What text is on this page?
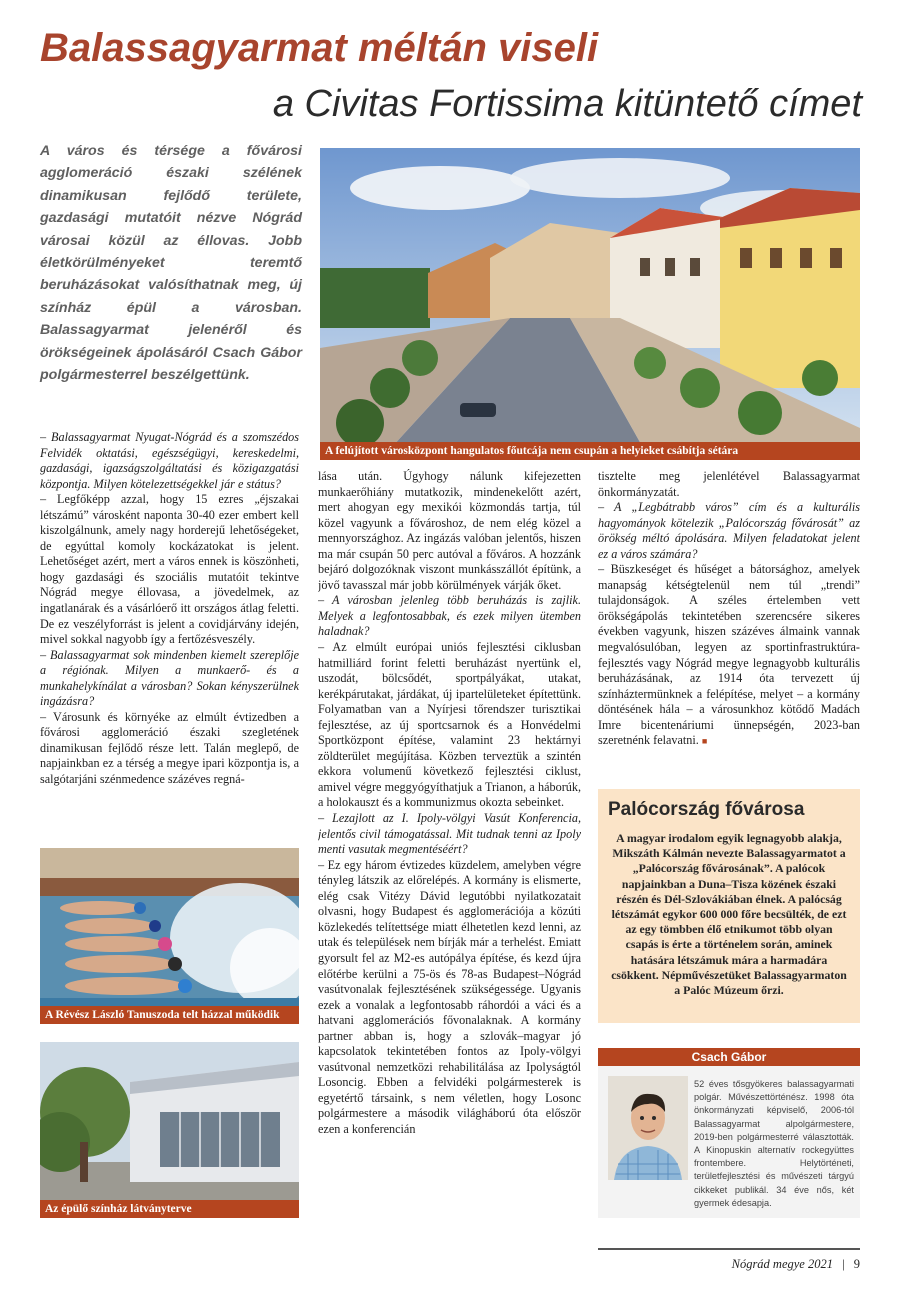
Balassagyarmat méltán viseli
a Civitas Fortissima kitüntető címet
A város és térsége a fővárosi agglomeráció északi szélének dinamikusan fejlődő területe, gazdasági mutatóit nézve Nógrád városai közül az éllovas. Jobb életkörülményeket teremtő beruházásokat valósíthatnak meg, új színház épül a városban. Balassagyarmat jelenéről és örökségeinek ápolásáról Csach Gábor polgármesterrel beszélgettünk.
A felújított városközpont hangulatos főutcája nem csupán a helyieket csábítja sétára

– Balassagyarmat Nyugat-Nógrád és a szomszédos Felvidék oktatási, egészségügyi, kereskedelmi, gazdasági, igazságszolgáltatási és közigazgatási központja. Milyen kötelezettségekkel jár e státus?

– Legfőképp azzal, hogy 15 ezres „éjszakai létszámú” városként naponta 30-40 ezer embert kell kiszolgálnunk, amely nagy horderejű lehetőségeket, de egyúttal komoly kockázatokat is jelent. Lehetőséget azért, mert a város ennek is köszönheti, hogy gazdasági és szociális mutatóit tekintve Nógrád megye éllovasa, a jövedelmek, az ingatlanárak és a vásárlóerő itt országos átlag feletti. De ez veszélyforrást is jelent a covidjárvány idején, mivel sokkal nagyobb így a fertőzésveszély.

– Balassagyarmat sok mindenben kiemelt szereplője a régiónak. Milyen a munkaerő- és a munkahelykínálat a városban? Sokan kényszerülnek ingázásra?

– Városunk és környéke az elmúlt évtizedben a fővárosi agglomeráció északi szegletének dinamikusan fejlődő része lett. Talán meglepő, de napjainkban ez a térség a megye ipari központja is, a salgótarjáni szénmedence százéves regná-

A Révész László Tanuszoda telt házzal működik
Az épülő színház látványterve

lása után. Úgyhogy nálunk kifejezetten munkaerőhiány mutatkozik, mindenekelőtt azért, mert ahogyan egy mexikói közmondás tartja, túl közel vagyunk a fővároshoz, de nem elég közel a mennyországhoz. Az ingázás valóban jelentős, hiszen ma már csupán 50 perc autóval a főváros. A hozzánk bejáró dolgozóknak viszont munkásszállót építünk, a jövő tavasszal már jobb körülmények várják őket.

– A városban jelenleg több beruházás is zajlik. Melyek a legfontosabbak, és ezek milyen ütemben haladnak?

– Az elmúlt európai uniós fejlesztési ciklusban hatmilliárd forint feletti beruházást nyertünk el, uszodát, bölcsődét, sportpályákat, utakat, kerékpárutakat, járdákat, új ipartelületeket építettünk. Folyamatban van a Nyírjesi tőrendszer turisztikai fejlesztése, az új sportcsarnok és a Honvédelmi Sportközpont építése, valamint 23 hektárnyi zöldterület megújítása. Közben terveztük a szintén ekkora volumenű következő fejlesztési ciklust, amivel végre meggyógyíthatjuk a Trianon, a háborúk, a holokauszt és a kommunizmus okozta sebeinket.

– Lezajlott az I. Ipoly-völgyi Vasút Konferencia, jelentős civil támogatással. Mit tudnak tenni az Ipoly menti vasutak megmentéséért?

– Ez egy három évtizedes küzdelem, amelyben végre tényleg látszik az előrelépés. A kormány is elismerte, elég csak Vitézy Dávid legutóbbi nyilatkozatait olvasni, hogy Budapest és agglomerációja a közúti közlekedés telítettsége miatt élhetetlen kezd lenni, az utak és települések nem bírják már a terhelést. Emiatt gyorsult fel az M2-es autópálya építése, és kezd újra előtérbe kerülni a 75-ös és 78-as Budapest–Nógrád vasútvonalak fejlesztésének szükségessége. Ugyanis ezek a vonalak a legfontosabb ráhordói a váci és a hatvani agglomerációs fővonalaknak. A kormány partner abban is, hogy a szlovák–magyar jó kapcsolatok tekintetében fontos az Ipoly-völgyi vasútvonal nemzetközi rehabilitálása az Ipolyságtól Losoncig. Ebben a felvidéki polgármesterek is egyetértő társaink, s nem véletlen, hogy Losonc polgármestere a második világháború óta először ezen a konferencián

tisztelte meg jelenlétével Balassagyarmat önkormányzatát.

– A „Legbátrabb város” cím és a kulturális hagyományok kötelezik „Palócország fővárosát” az örökség méltó ápolására. Milyen feladatokat jelent ez a város számára?

– Büszkeséget és hűséget a bátorsághoz, amelyek manapság kétségtelenül nem túl „trendi” tulajdonságok. A széles értelemben vett örökségápolás tekintetében szerencsére sikeres években vagyunk, hiszen százéves álmaink vannak megvalósulóban, legyen az sportinfrastruktúra-fejlesztés vagy Nógrád megye legnagyobb kulturális beruházásának, az 1914 óta tervezett új színháztermünknek a felépítése, melyet – a kormány döntésének hála – a városunkhoz kötődő Madách Imre bicentenáriumi ünnepségén, 2023-ban szeretnénk felavatni. ■

Palócország fővárosa
A magyar irodalom egyik legnagyobb alakja, Mikszáth Kálmán nevezte Balassagyarmatot a „Palócország fővárosának”. A palócok napjainkban a Duna–Tisza közének északi részén és Dél-Szlovákiában élnek. A palócság létszámát egykor 600 000 főre becsülték, de ezt az egy tömbben élő etnikumot több olyan csapás is érte a történelem során, aminek hatására létszámuk mára a harmadára csökkent. Népművészetüket Balassagyarmaton a Palóc Múzeum őrzi.
Csach Gábor
52 éves tősgyökeres balassagyarmati polgár. Művészettörténész. 1998 óta önkormányzati képviselő, 2006-tól Balassagyarmat alpolgármestere, 2019-ben polgármesterré választották. A Kinopuskin alternatív rockegyüttes frontembere. Helytörténeti, területfejlesztési és művészeti tárgyú cikkeket publikál. 34 éve nős, két gyermek édesapja.
Nógrád megye 2021 | 9
